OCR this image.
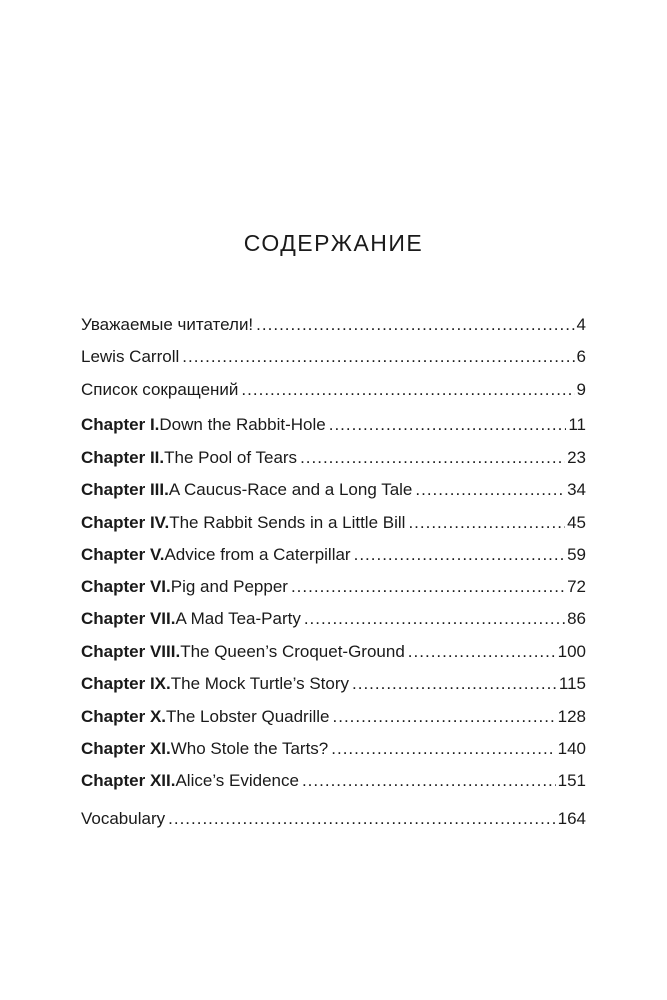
СОДЕРЖАНИЕ
Уважаемые читатели! .....	4
Lewis Carroll .....	6
Список сокращений .....	9
Chapter I. Down the Rabbit-Hole .....	11
Chapter II. The Pool of Tears .....	23
Chapter III. A Caucus-Race and a Long Tale .....	34
Chapter IV. The Rabbit Sends in a Little Bill .....	45
Chapter V. Advice from a Caterpillar .....	59
Chapter VI. Pig and Pepper .....	72
Chapter VII. A Mad Tea-Party .....	86
Chapter VIII. The Queen’s Croquet-Ground .....	100
Chapter IX. The Mock Turtle’s Story .....	115
Chapter X. The Lobster Quadrille .....	128
Chapter XI. Who Stole the Tarts? .....	140
Chapter XII. Alice’s Evidence .....	151
Vocabulary .....	164
